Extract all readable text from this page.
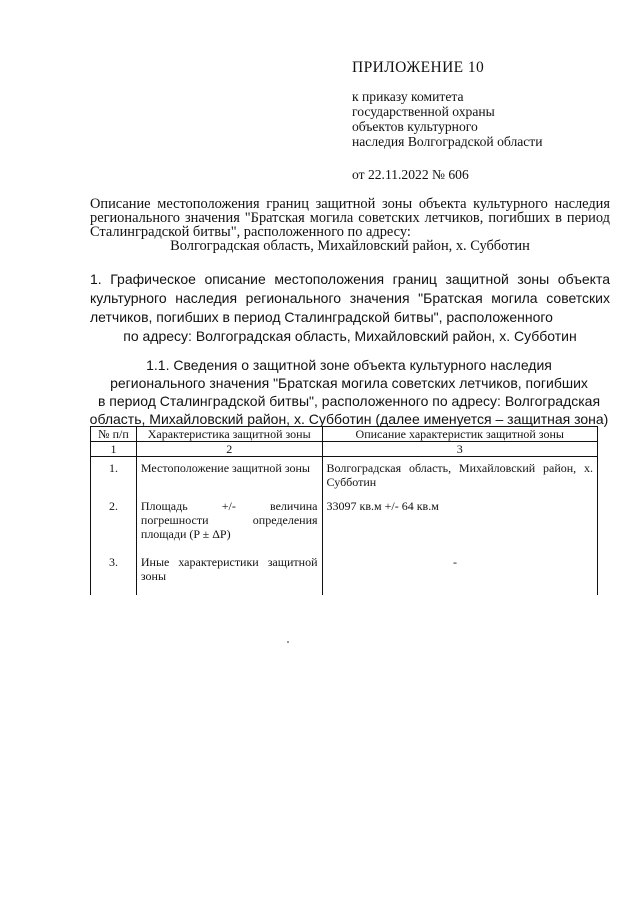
ПРИЛОЖЕНИЕ 10
к приказу комитета
государственной охраны
объектов культурного
наследия Волгоградской области
от 22.11.2022 № 606
Описание местоположения границ защитной зоны объекта культурного наследия регионального значения "Братская могила советских летчиков, погибших в период Сталинградской битвы", расположенного по адресу:
Волгоградская область, Михайловский район, х. Субботин
1. Графическое описание местоположения границ защитной зоны объекта культурного наследия регионального значения "Братская могила советских летчиков, погибших в период Сталинградской битвы", расположенного
по адресу: Волгоградская область, Михайловский район, х. Субботин
1.1. Сведения о защитной зоне объекта культурного наследия
регионального значения "Братская могила советских летчиков, погибших
в период Сталинградской битвы", расположенного по адресу: Волгоградская
область, Михайловский район, х. Субботин (далее именуется – защитная зона)
№ п/п	Характеристика защитной зоны	Описание характеристик защитной зоны
1	2	3
1.	Местоположение защитной зоны	Волгоградская область, Михайловский район, х. Субботин
2.	Площадь +/- величина погрешности определения площади (P ± ΔP)	33097 кв.м +/- 64 кв.м
3.	Иные характеристики защитной зоны	-
